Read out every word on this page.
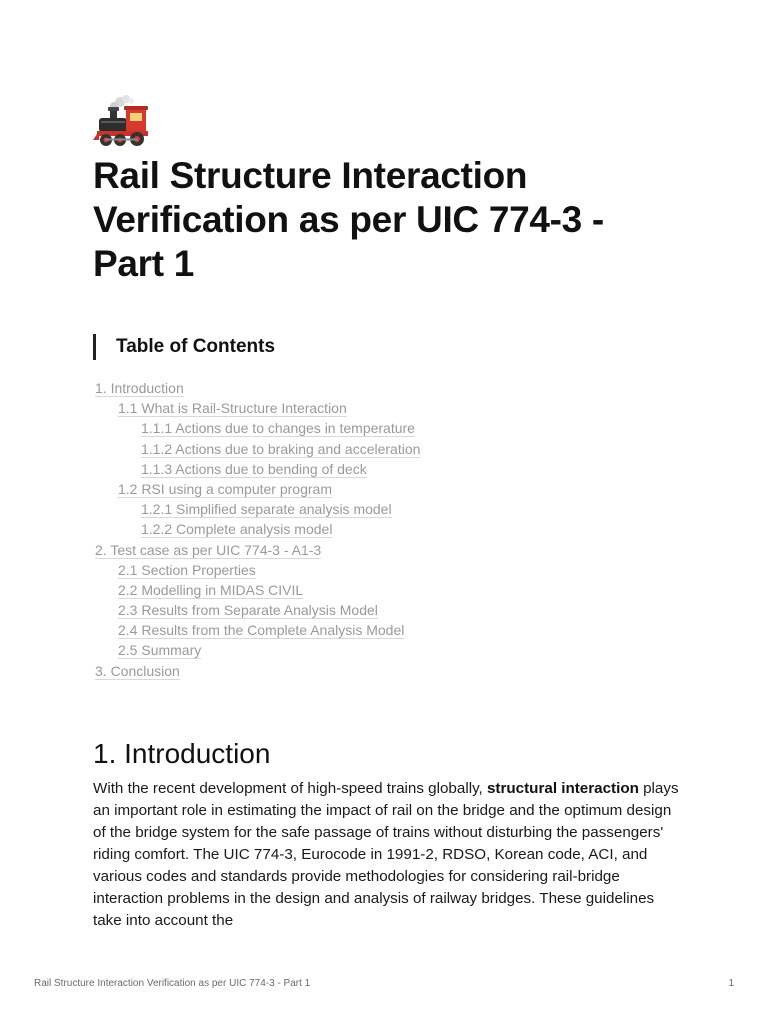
Rail Structure Interaction Verification as per UIC 774-3 - Part 1
Table of Contents
1. Introduction
1.1 What is Rail-Structure Interaction
1.1.1 Actions due to changes in temperature
1.1.2 Actions due to braking and acceleration
1.1.3 Actions due to bending of deck
1.2 RSI using a computer program
1.2.1 Simplified separate analysis model
1.2.2 Complete analysis model
2. Test case as per UIC 774-3 - A1-3
2.1 Section Properties
2.2 Modelling in MIDAS CIVIL
2.3 Results from Separate Analysis Model
2.4 Results from the Complete Analysis Model
2.5 Summary
3. Conclusion
1. Introduction

With the recent development of high-speed trains globally, structural interaction plays an important role in estimating the impact of rail on the bridge and the optimum design of the bridge system for the safe passage of trains without disturbing the passengers' riding comfort. The UIC 774-3, Eurocode in 1991-2, RDSO, Korean code, ACI, and various codes and standards provide methodologies for considering rail-bridge interaction problems in the design and analysis of railway bridges. These guidelines take into account the

Rail Structure Interaction Verification as per UIC 774-3 - Part 1	1
